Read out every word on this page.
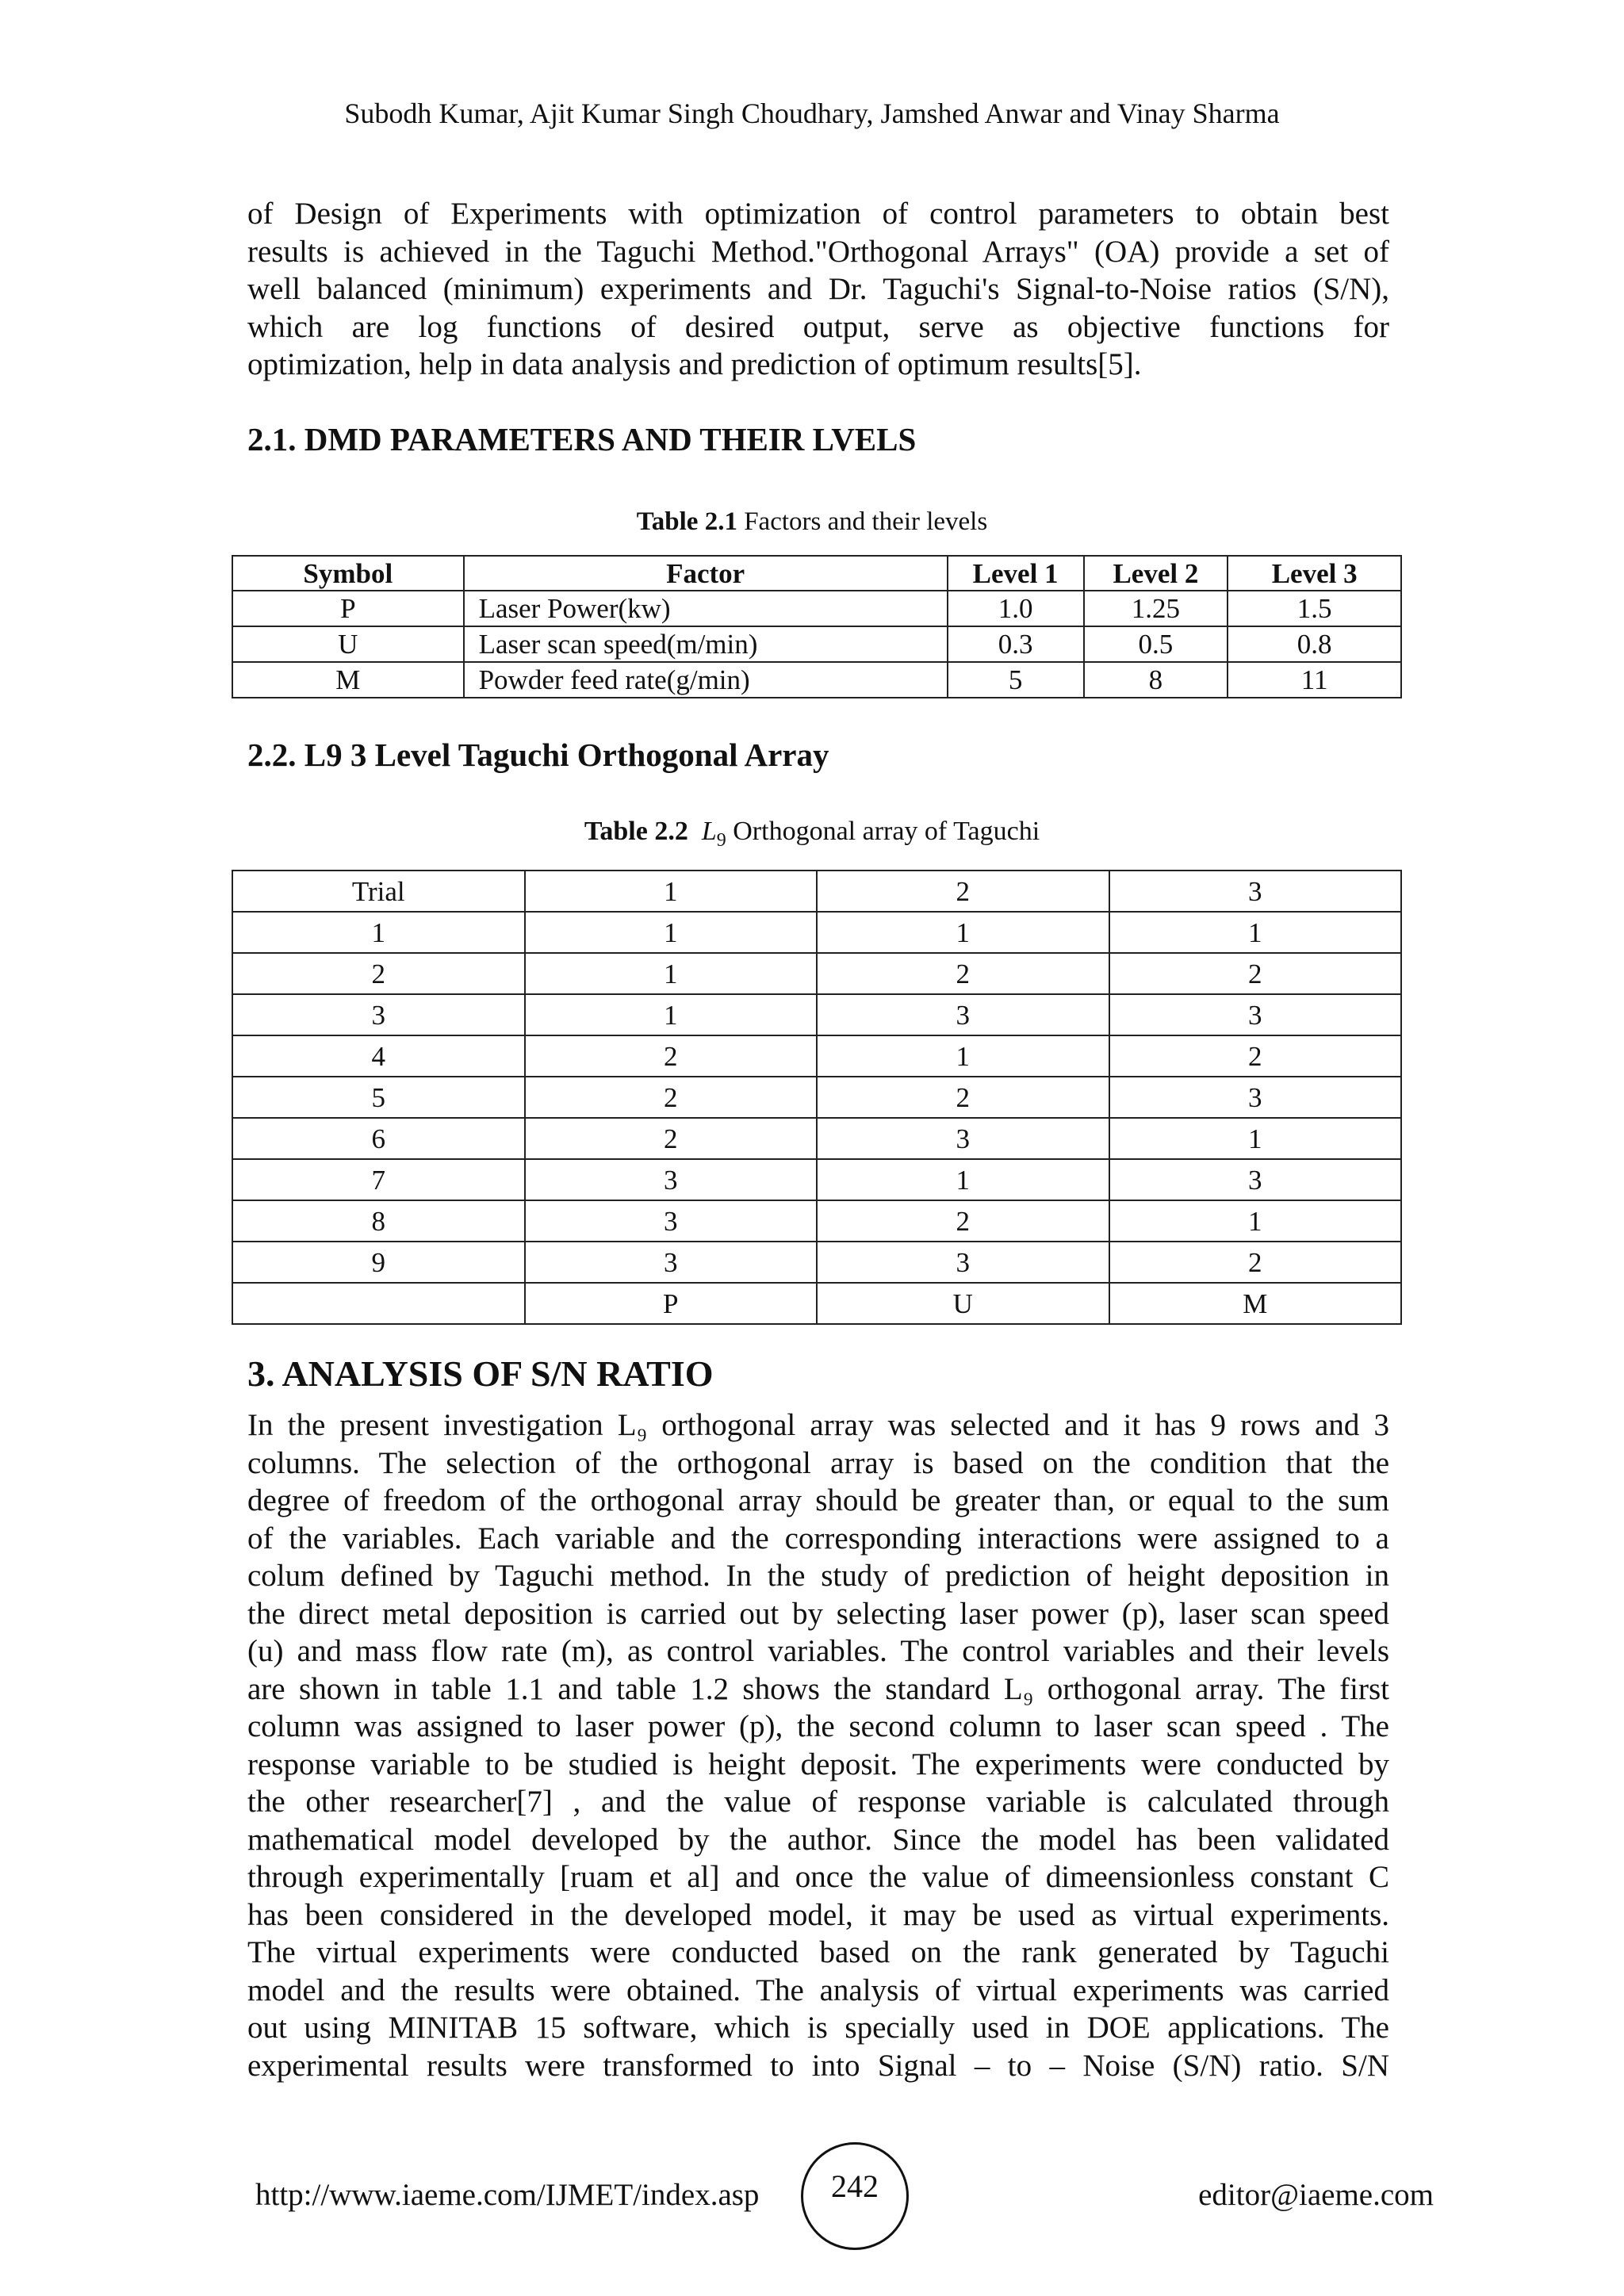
Subodh Kumar, Ajit Kumar Singh Choudhary, Jamshed Anwar and Vinay Sharma
of Design of Experiments with optimization of control parameters to obtain best
results is achieved in the Taguchi Method."Orthogonal Arrays" (OA) provide a set of
well balanced (minimum) experiments and Dr. Taguchi's Signal-to-Noise ratios (S/N),
which are log functions of desired output, serve as objective functions for
optimization, help in data analysis and prediction of optimum results[5].
2.1. DMD PARAMETERS AND THEIR LVELS
Table 2.1 Factors and their levels
Symbol	Factor	Level 1	Level 2	Level 3
P	Laser Power(kw)	1.0	1.25	1.5
U	Laser scan speed(m/min)	0.3	0.5	0.8
M	Powder feed rate(g/min)	5	8	11
2.2. L9 3 Level Taguchi Orthogonal Array
Table 2.2 $L_9$ Orthogonal array of Taguchi
Trial	1	2	3
1	1	1	1
2	1	2	2
3	1	3	3
4	2	1	2
5	2	2	3
6	2	3	1
7	3	1	3
8	3	2	1
9	3	3	2
	P	U	M
3. ANALYSIS OF S/N RATIO
In the present investigation L₉ orthogonal array was selected and it has 9 rows and 3
columns. The selection of the orthogonal array is based on the condition that the
degree of freedom of the orthogonal array should be greater than, or equal to the sum
of the variables. Each variable and the corresponding interactions were assigned to a
colum defined by Taguchi method. In the study of prediction of height deposition in
the direct metal deposition is carried out by selecting laser power (p), laser scan speed
(u) and mass flow rate (m), as control variables. The control variables and their levels
are shown in table 1.1 and table 1.2 shows the standard L₉ orthogonal array. The first
column was assigned to laser power (p), the second column to laser scan speed . The
response variable to be studied is height deposit. The experiments were conducted by
the other researcher[7] , and the value of response variable is calculated through
mathematical model developed by the author. Since the model has been validated
through experimentally [ruam et al] and once the value of dimeensionless constant C
has been considered in the developed model, it may be used as virtual experiments.
The virtual experiments were conducted based on the rank generated by Taguchi
model and the results were obtained. The analysis of virtual experiments was carried
out using MINITAB 15 software, which is specially used in DOE applications. The
experimental results were transformed to into Signal – to – Noise (S/N) ratio. S/N
http://www.iaeme.com/IJMET/index.asp 242	editor@iaeme.com
